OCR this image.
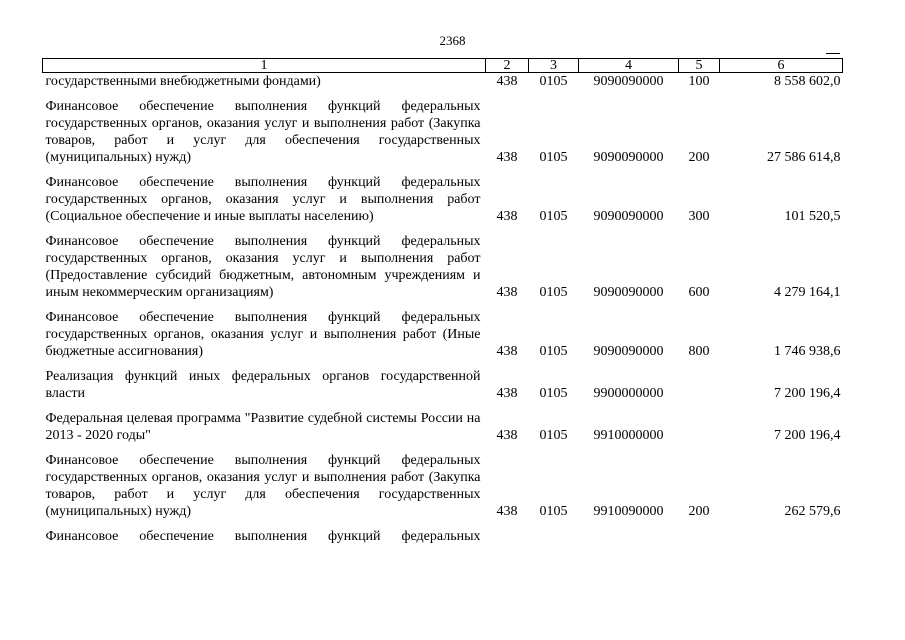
2368
1	2	3	4	5	6
государственными внебюджетными фондами)	438	0105	9090090000	100	8 558 602,0

Финансовое обеспечение выполнения функций федеральных государственных органов, оказания услуг и выполнения работ (Закупка товаров, работ и услуг для обеспечения государственных (муниципальных) нужд)	438	0105	9090090000	200	27 586 614,8

Финансовое обеспечение выполнения функций федеральных государственных органов, оказания услуг и выполнения работ (Социальное обеспечение и иные выплаты населению)	438	0105	9090090000	300	101 520,5

Финансовое обеспечение выполнения функций федеральных государственных органов, оказания услуг и выполнения работ (Предоставление субсидий бюджетным, автономным учреждениям и иным некоммерческим организациям)	438	0105	9090090000	600	4 279 164,1

Финансовое обеспечение выполнения функций федеральных государственных органов, оказания услуг и выполнения работ (Иные бюджетные ассигнования)	438	0105	9090090000	800	1 746 938,6

Реализация функций иных федеральных органов государственной власти	438	0105	9900000000		7 200 196,4

Федеральная целевая программа "Развитие судебной системы России на 2013 - 2020 годы"	438	0105	9910000000		7 200 196,4

Финансовое обеспечение выполнения функций федеральных государственных органов, оказания услуг и выполнения работ (Закупка товаров, работ и услуг для обеспечения государственных (муниципальных) нужд)	438	0105	9910090000	200	262 579,6

Финансовое обеспечение выполнения функций федеральных					
